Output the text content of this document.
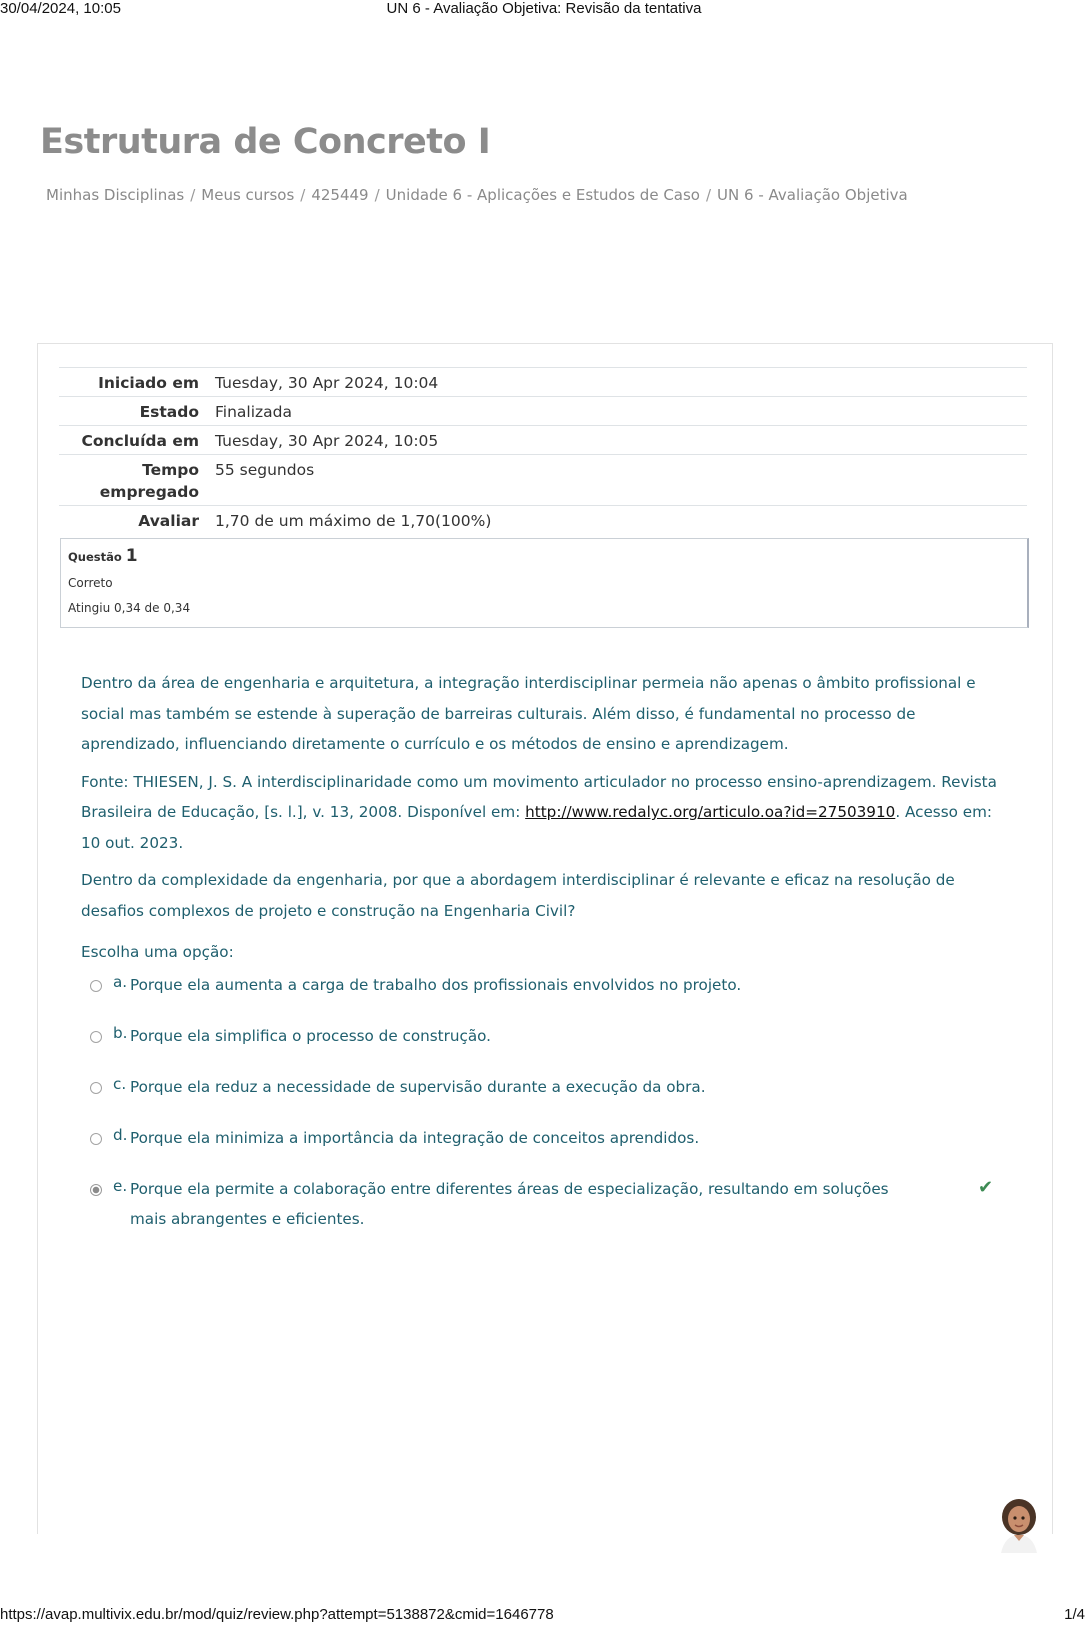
30/04/2024, 10:05	UN 6 - Avaliação Objetiva: Revisão da tentativa
Estrutura de Concreto I
Minhas Disciplinas / Meus cursos / 425449 / Unidade 6 - Aplicações e Estudos de Caso / UN 6 - Avaliação Objetiva
Iniciado em	Tuesday, 30 Apr 2024, 10:04
Estado	Finalizada
Concluída em	Tuesday, 30 Apr 2024, 10:05
Tempo empregado	55 segundos
Avaliar	1,70 de um máximo de 1,70(100%)
Questão 1
Correto
Atingiu 0,34 de 0,34

Dentro da área de engenharia e arquitetura, a integração interdisciplinar permeia não apenas o âmbito profissional e social mas também se estende à superação de barreiras culturais. Além disso, é fundamental no processo de aprendizado, influenciando diretamente o currículo e os métodos de ensino e aprendizagem.

Fonte: THIESEN, J. S. A interdisciplinaridade como um movimento articulador no processo ensino-aprendizagem. Revista Brasileira de Educação, [s. l.], v. 13, 2008. Disponível em: http://www.redalyc.org/articulo.oa?id=27503910. Acesso em: 10 out. 2023.

Dentro da complexidade da engenharia, por que a abordagem interdisciplinar é relevante e eficaz na resolução de desafios complexos de projeto e construção na Engenharia Civil?

Escolha uma opção:
a. Porque ela aumenta a carga de trabalho dos profissionais envolvidos no projeto.
b. Porque ela simplifica o processo de construção.
c. Porque ela reduz a necessidade de supervisão durante a execução da obra.
d. Porque ela minimiza a importância da integração de conceitos aprendidos.
e. Porque ela permite a colaboração entre diferentes áreas de especialização, resultando em soluções mais abrangentes e eficientes.
✔
https://avap.multivix.edu.br/mod/quiz/review.php?attempt=5138872&cmid=1646778	1/4
